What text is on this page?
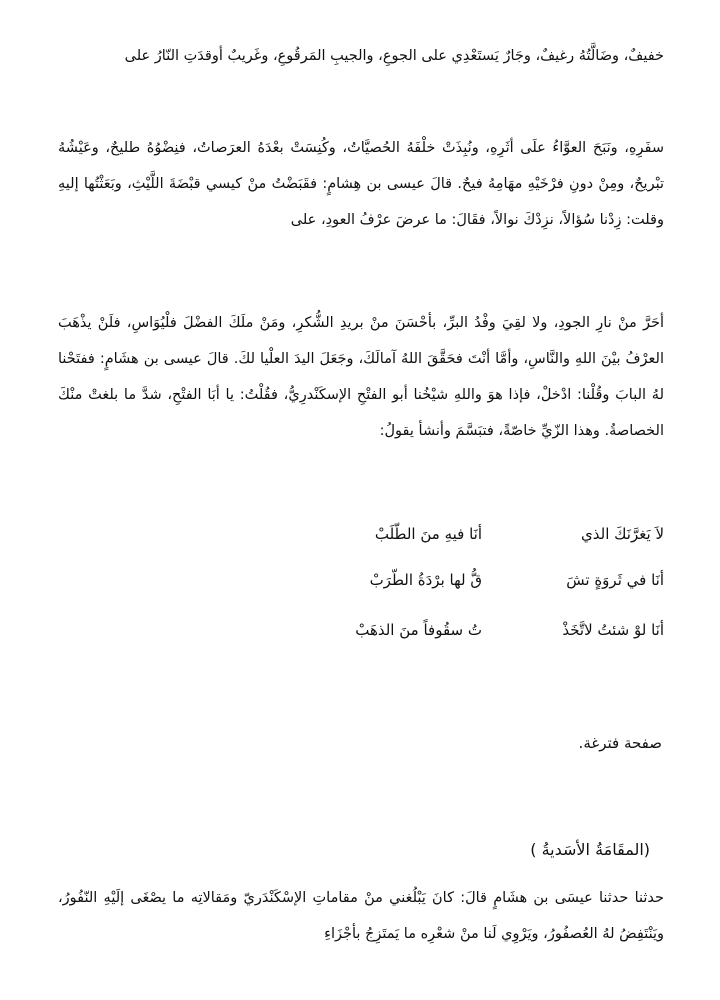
خفيفٌ، وضَالَّتُهُ رغيفٌ، وجَارٌ يَستَعْدِي على الجوعِ، والجيبِ المَرقُوعِ، وغَريبٌ أوقدَتِ النّارُ على

سفَرِهِ، ونَبَحَ العوَّاءُ علَى أثَرِهِ، ونُبِذَتْ خلْفَهُ الحُصيَّاتُ، وكُنِسَتْ بعْدَهُ العرَصاتُ، فنِضْوُهُ طليحٌ، وعَيْشُهُ تبْريحٌ، ومِنْ دونِ فرْخَيْهِ مهَامِهُ فيحٌ. قالَ عيسى بن هِشامٍ: فقَبَضْتُ منْ كيسي قبْضَةَ اللَّيْثِ، وبَعَثْتُها إليهِ وقلت: زِدْنا سُؤالاً، نزِدْكَ نوالاً، فقَالَ: ما عرضَ عرْفُ العودِ، على

أحَرَّ منْ نارِ الجودِ، ولا لقِيَ وفْدُ البرِّ، بأحْسَنَ منْ بريدِ الشُّكرِ، ومَنْ ملَكَ الفضْلَ فلْيُوَاسِ، فلَنْ يذْهَبَ العرْفُ بيْنَ اللهِ والنَّاسِ، وأمَّا أنْتَ فحَقَّقَ اللهُ آمالَكَ، وجَعَلَ اليدَ العلْيا لكَ. قالَ عيسى بن هشَامٍ: ففتَحْنا لهُ البابَ وقُلْنا: ادْخلْ، فإذا هوَ واللهِ شيْخُنا أبو الفتْحِ الإسكَنْدرِيُّ، فقُلْتُ: يا أبَا الفتْحِ، شدَّ ما بلغتْ منْكَ الخصاصةُ. وهذا الزّيِّ خاصّةً، فتبَسَّمَ وأنشأ يقولُ:

لاَ يَغرَّنَكَ الذي
أنَا فيهِ منَ الطّلَبْ
أنَا في ثَروَةٍ تشَ
قُّ لها برْدَةُ الطّرَبْ
أنَا لوْ شئتُ لاتَّخَذْ
تُ سقُوفاً منَ الذهَبْ
صفحة فترغة.
(المقَامَةُ الأسَديةُ )

حدثنا حدثنا عيسَى بن هشَامٍ قالَ: كانَ يَبْلُغني منْ مقاماتِ الإسْكَنْدَريّ ومَقالاتِه ما يصْغَى إلَيْهِ النّفُورُ، ويَنْتَفِضُ لهُ العُصفُورُ، ويَرْوِي لَنا منْ شعْرِه ما يَمتَزِجُ بأجْزَاءِ
